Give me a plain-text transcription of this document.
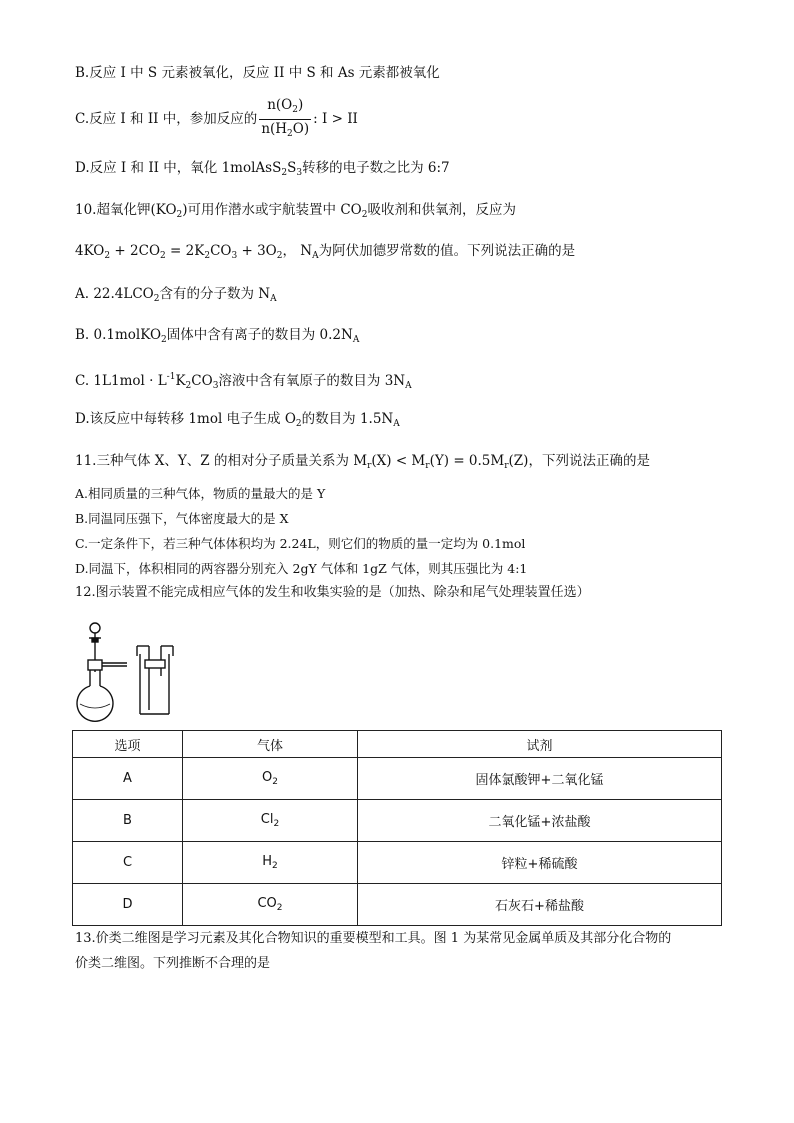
B.反应 I 中 S 元素被氧化，反应 II 中 S 和 As 元素都被氧化
C.反应 I 和 II 中，参加反应的 $\frac{n(O_2)}{n(H_2O)}$ : I > II
D.反应 I 和 II 中，氧化 $1molAsS_2S_3$转移的电子数之比为 6:7
10.超氧化钾$(KO_2)$可用作潜水或宇航装置中 $CO_2$吸收剂和供氧剂，反应为
$4KO_2 + 2CO_2 = 2K_2CO_3 + 3O_2$， $N_A$为阿伏加德罗常数的值。下列说法正确的是
A. $22.4LCO_2$含有的分子数为 $N_A$
B. 0.1molKO$_2$固体中含有离子的数目为 $0.2N_A$
C. $1L1mol \cdot L^{-1}K_2CO_3$溶液中含有氧原子的数目为 $3N_A$
D.该反应中每转移 1mol 电子生成 $O_2$的数目为 $1.5N_A$
11.三种气体 X、Y、Z 的相对分子质量关系为 $M_r(X) < M_r(Y) = 0.5M_r(Z)$，下列说法正确的是
A.相同质量的三种气体，物质的量最大的是 Y
B.同温同压强下，气体密度最大的是 X
C.一定条件下，若三种气体体积均为 2.24L，则它们的物质的量一定均为 0.1mol
D.同温下，体积相同的两容器分别充入 2gY 气体和 1gZ 气体，则其压强比为 4:1
12.图示装置不能完成相应气体的发生和收集实验的是（加热、除杂和尾气处理装置任选）
选项	气体	试剂
A	$O_2$	固体氯酸钾+二氧化锰
B	$Cl_2$	二氧化锰+浓盐酸
C	$H_2$	锌粒+稀硫酸
D	$CO_2$	石灰石+稀盐酸
13.价类二维图是学习元素及其化合物知识的重要模型和工具。图 1 为某常见金属单质及其部分化合物的
价类二维图。下列推断不合理的是
